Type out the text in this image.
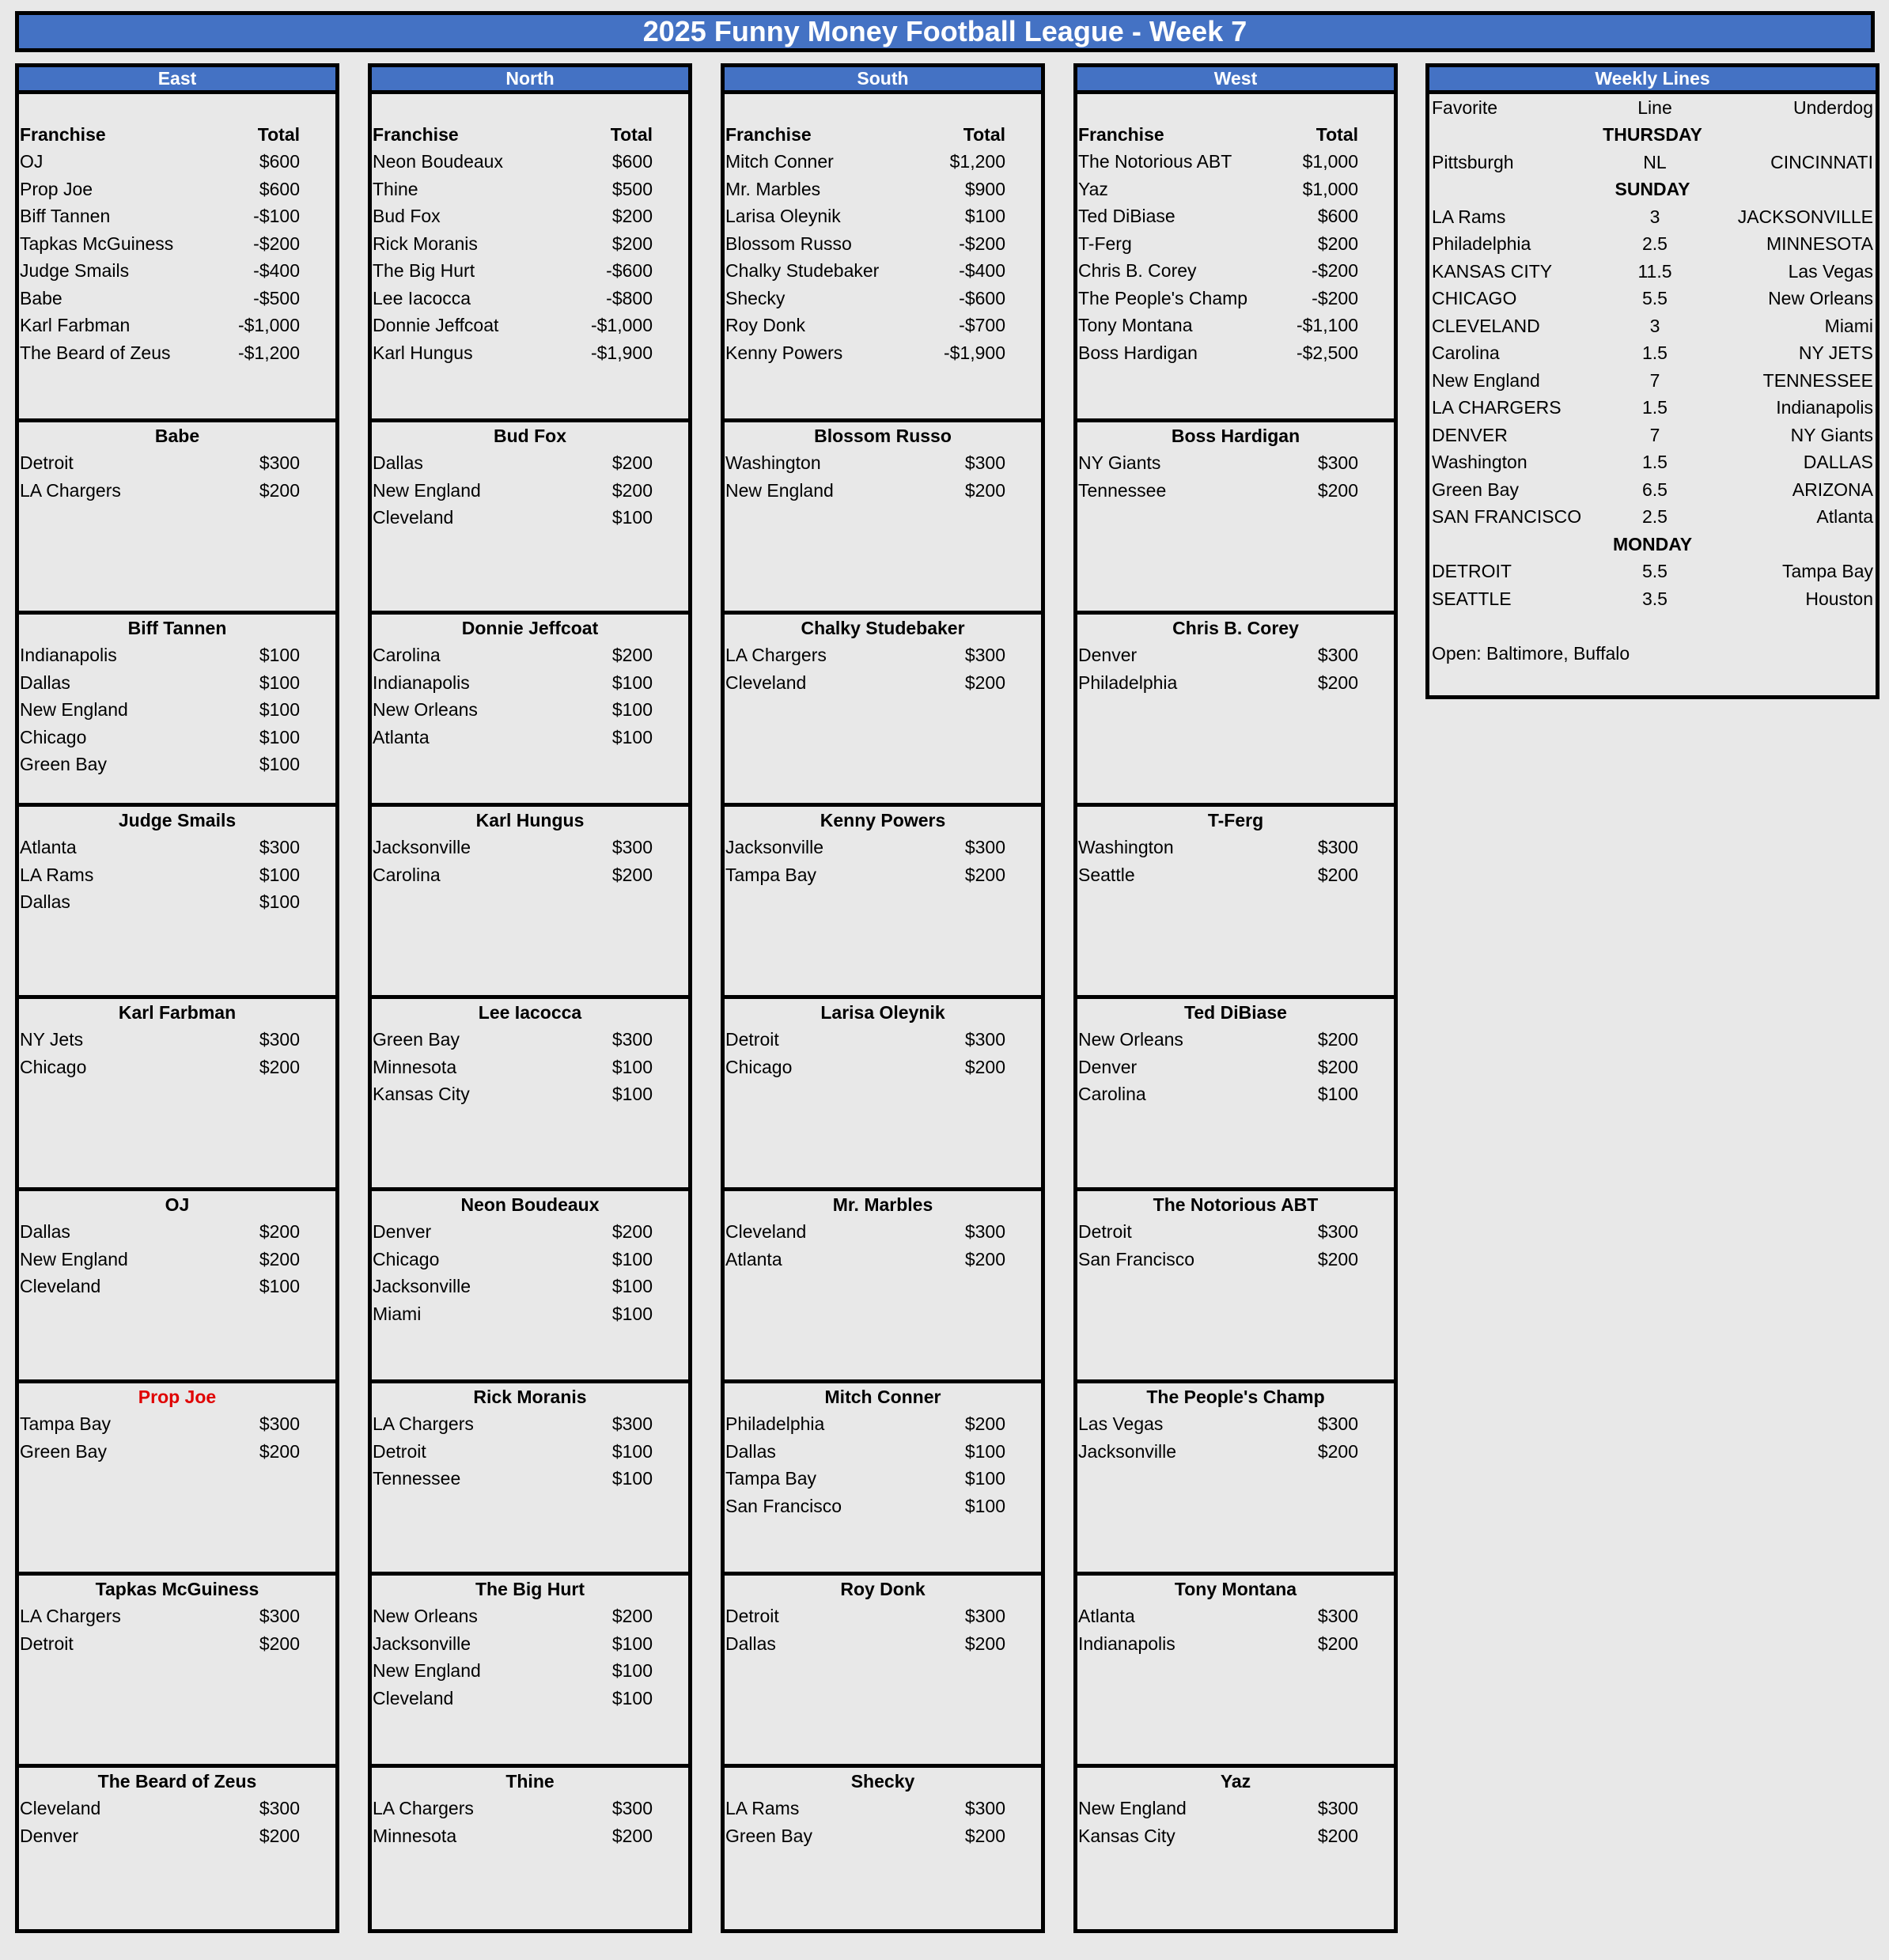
2025 Funny Money Football League - Week 7
East
Franchise	Total
OJ	$600
Prop Joe	$600
Biff Tannen	-$100
Tapkas McGuiness	-$200
Judge Smails	-$400
Babe	-$500
Karl Farbman	-$1,000
The Beard of Zeus	-$1,200
Babe
Detroit	$300
LA Chargers	$200
Biff Tannen
Indianapolis	$100
Dallas	$100
New England	$100
Chicago	$100
Green Bay	$100
Judge Smails
Atlanta	$300
LA Rams	$100
Dallas	$100
Karl Farbman
NY Jets	$300
Chicago	$200
OJ
Dallas	$200
New England	$200
Cleveland	$100
Prop Joe
Tampa Bay	$300
Green Bay	$200
Tapkas McGuiness
LA Chargers	$300
Detroit	$200
The Beard of Zeus
Cleveland	$300
Denver	$200
North
Franchise	Total
Neon Boudeaux	$600
Thine	$500
Bud Fox	$200
Rick Moranis	$200
The Big Hurt	-$600
Lee Iacocca	-$800
Donnie Jeffcoat	-$1,000
Karl Hungus	-$1,900
Bud Fox
Dallas	$200
New England	$200
Cleveland	$100
Donnie Jeffcoat
Carolina	$200
Indianapolis	$100
New Orleans	$100
Atlanta	$100
Karl Hungus
Jacksonville	$300
Carolina	$200
Lee Iacocca
Green Bay	$300
Minnesota	$100
Kansas City	$100
Neon Boudeaux
Denver	$200
Chicago	$100
Jacksonville	$100
Miami	$100
Rick Moranis
LA Chargers	$300
Detroit	$100
Tennessee	$100
The Big Hurt
New Orleans	$200
Jacksonville	$100
New England	$100
Cleveland	$100
Thine
LA Chargers	$300
Minnesota	$200
South
Franchise	Total
Mitch Conner	$1,200
Mr. Marbles	$900
Larisa Oleynik	$100
Blossom Russo	-$200
Chalky Studebaker	-$400
Shecky	-$600
Roy Donk	-$700
Kenny Powers	-$1,900
Blossom Russo
Washington	$300
New England	$200
Chalky Studebaker
LA Chargers	$300
Cleveland	$200
Kenny Powers
Jacksonville	$300
Tampa Bay	$200
Larisa Oleynik
Detroit	$300
Chicago	$200
Mr. Marbles
Cleveland	$300
Atlanta	$200
Mitch Conner
Philadelphia	$200
Dallas	$100
Tampa Bay	$100
San Francisco	$100
Roy Donk
Detroit	$300
Dallas	$200
Shecky
LA Rams	$300
Green Bay	$200
West
Franchise	Total
The Notorious ABT	$1,000
Yaz	$1,000
Ted DiBiase	$600
T-Ferg	$200
Chris B. Corey	-$200
The People's Champ	-$200
Tony Montana	-$1,100
Boss Hardigan	-$2,500
Boss Hardigan
NY Giants	$300
Tennessee	$200
Chris B. Corey
Denver	$300
Philadelphia	$200
T-Ferg
Washington	$300
Seattle	$200
Ted DiBiase
New Orleans	$200
Denver	$200
Carolina	$100
The Notorious ABT
Detroit	$300
San Francisco	$200
The People's Champ
Las Vegas	$300
Jacksonville	$200
Tony Montana
Atlanta	$300
Indianapolis	$200
Yaz
New England	$300
Kansas City	$200
Weekly Lines
Favorite	Line	Underdog
THURSDAY
Pittsburgh	NL	CINCINNATI
SUNDAY
LA Rams	3	JACKSONVILLE
Philadelphia	2.5	MINNESOTA
KANSAS CITY	11.5	Las Vegas
CHICAGO	5.5	New Orleans
CLEVELAND	3	Miami
Carolina	1.5	NY JETS
New England	7	TENNESSEE
LA CHARGERS	1.5	Indianapolis
DENVER	7	NY Giants
Washington	1.5	DALLAS
Green Bay	6.5	ARIZONA
SAN FRANCISCO	2.5	Atlanta
MONDAY
DETROIT	5.5	Tampa Bay
SEATTLE	3.5	Houston
Open: Baltimore, Buffalo
